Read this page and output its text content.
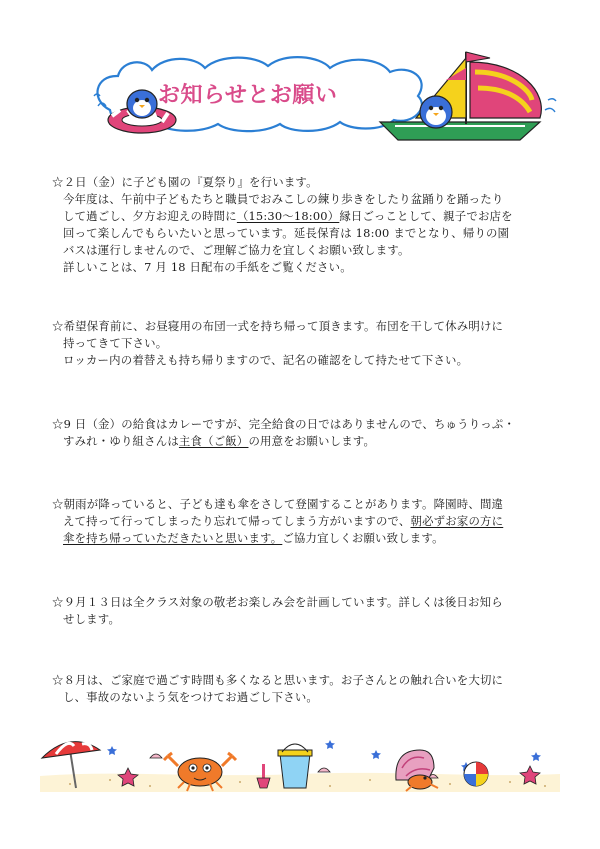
お知らせとお願い
☆２日（金）に子ども園の『夏祭り』を行います。

今年度は、午前中子どもたちと職員でおみこしの練り歩きをしたり盆踊りを踊ったり

して過ごし、夕方お迎えの時間に（15:30～18:00）縁日ごっことして、親子でお店を

回って楽しんでもらいたいと思っています。延長保育は 18:00 までとなり、帰りの園

バスは運行しませんので、ご理解ご協力を宜しくお願い致します。

詳しいことは、7 月 18 日配布の手紙をご覧ください。

☆希望保育前に、お昼寝用の布団一式を持ち帰って頂きます。布団を干して休み明けに

持ってきて下さい。

ロッカー内の着替えも持ち帰りますので、記名の確認をして持たせて下さい。

☆9 日（金）の給食はカレーですが、完全給食の日ではありませんので、ちゅうりっぷ・

すみれ・ゆり組さんは主食（ご飯）の用意をお願いします。

☆朝雨が降っていると、子ども達も傘をさして登園することがあります。降園時、間違

えて持って行ってしまったり忘れて帰ってしまう方がいますので、朝必ずお家の方に

傘を持ち帰っていただきたいと思います。ご協力宜しくお願い致します。

☆９月１３日は全クラス対象の敬老お楽しみ会を計画しています。詳しくは後日お知ら

せします。

☆８月は、ご家庭で過ごす時間も多くなると思います。お子さんとの触れ合いを大切に

し、事故のないよう気をつけてお過ごし下さい。
